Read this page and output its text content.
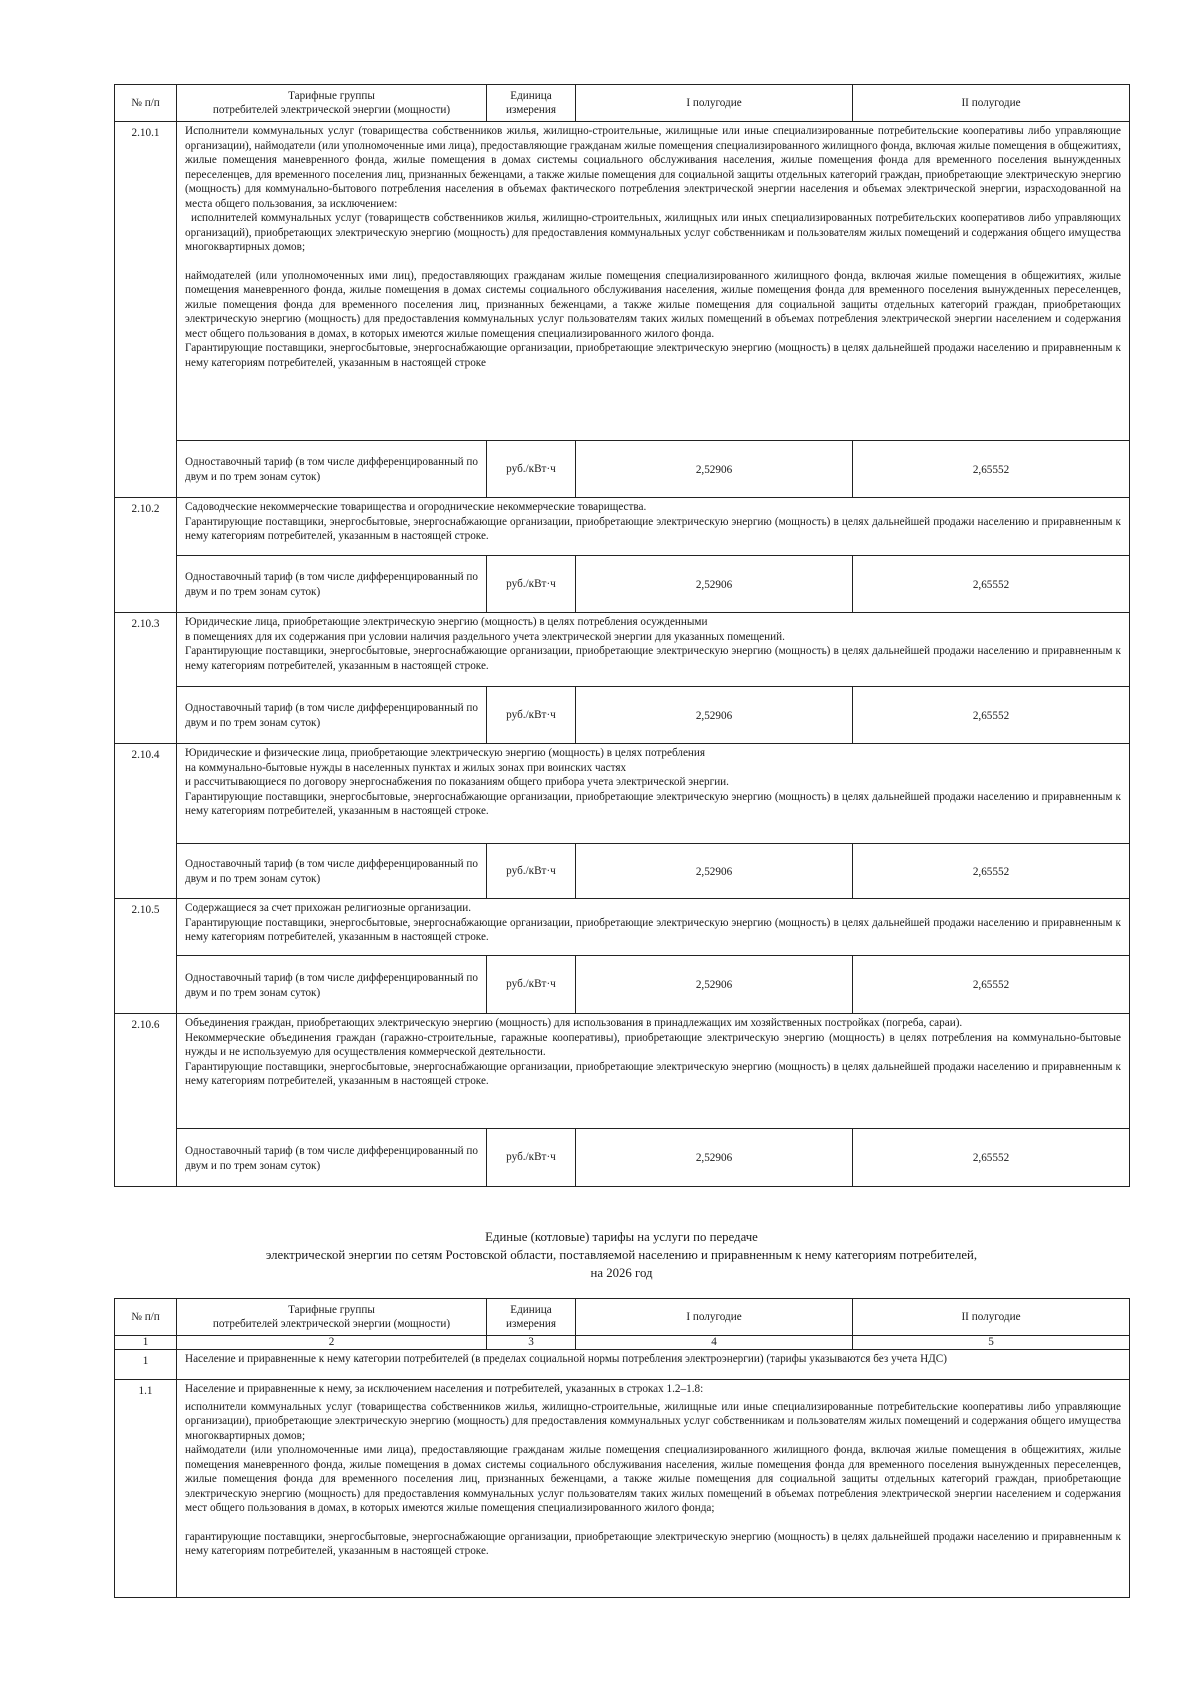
№ п/п	Тарифные группы
потребителей электрической энергии (мощности)	Единица
измерения	I полугодие	II полугодие
2.10.1	Исполнители коммунальных услуг (товарищества собственников жилья, жилищно-строительные, жилищные или иные специализированные потребительские кооперативы либо управляющие организации), наймодатели (или уполномоченные ими лица), предоставляющие гражданам жилые помещения специализированного жилищного фонда, включая жилые помещения в общежитиях, жилые помещения маневренного фонда, жилые помещения в домах системы социального обслуживания населения, жилые помещения фонда для временного поселения вынужденных переселенцев, для временного поселения лиц, признанных беженцами, а также жилые помещения для социальной защиты отдельных категорий граждан, приобретающие электрическую энергию (мощность) для коммунально-бытового потребления населения в объемах фактического потребления электрической энергии населения и объемах электрической энергии, израсходованной на места общего пользования, за исключением:
исполнителей коммунальных услуг (товариществ собственников жилья, жилищно-строительных, жилищных или иных специализированных потребительских кооперативов либо управляющих организаций), приобретающих электрическую энергию (мощность) для предоставления коммунальных услуг собственникам и пользователям жилых помещений и содержания общего имущества многоквартирных домов;
наймодателей (или уполномоченных ими лиц), предоставляющих гражданам жилые помещения специализированного жилищного фонда, включая жилые помещения в общежитиях, жилые помещения маневренного фонда, жилые помещения в домах системы социального обслуживания населения, жилые помещения фонда для временного поселения вынужденных переселенцев, жилые помещения фонда для временного поселения лиц, признанных беженцами, а также жилые помещения для социальной защиты отдельных категорий граждан, приобретающих электрическую энергию (мощность) для предоставления коммунальных услуг пользователям таких жилых помещений в объемах потребления электрической энергии населением и содержания мест общего пользования в домах, в которых имеются жилые помещения специализированного жилого фонда.
Гарантирующие поставщики, энергосбытовые, энергоснабжающие организации, приобретающие электрическую энергию (мощность) в целях дальнейшей продажи населению и приравненным к нему категориям потребителей, указанным в настоящей строке			

	Одноставочный тариф (в том числе дифференцированный по двум и по трем зонам суток)	руб./кВт·ч	2,52906	2,65552
2.10.2	Садоводческие некоммерческие товарищества и огороднические некоммерческие товарищества.
Гарантирующие поставщики, энергосбытовые, энергоснабжающие организации, приобретающие электрическую энергию (мощность) в целях дальнейшей продажи населению и приравненным к нему категориям потребителей, указанным в настоящей строке.			

	Одноставочный тариф (в том числе дифференцированный по двум и по трем зонам суток)	руб./кВт·ч	2,52906	2,65552
2.10.3	Юридические лица, приобретающие электрическую энергию (мощность) в целях потребления осужденными
в помещениях для их содержания при условии наличия раздельного учета электрической энергии для указанных помещений.
Гарантирующие поставщики, энергосбытовые, энергоснабжающие организации, приобретающие электрическую энергию (мощность) в целях дальнейшей продажи населению и приравненным к нему категориям потребителей, указанным в настоящей строке.			

	Одноставочный тариф (в том числе дифференцированный по двум и по трем зонам суток)	руб./кВт·ч	2,52906	2,65552
2.10.4	Юридические и физические лица, приобретающие электрическую энергию (мощность) в целях потребления
на коммунально-бытовые нужды в населенных пунктах и жилых зонах при воинских частях
и рассчитывающиеся по договору энергоснабжения по показаниям общего прибора учета электрической энергии.
Гарантирующие поставщики, энергосбытовые, энергоснабжающие организации, приобретающие электрическую энергию (мощность) в целях дальнейшей продажи населению и приравненным к нему категориям потребителей, указанным в настоящей строке.			

	Одноставочный тариф (в том числе дифференцированный по двум и по трем зонам суток)	руб./кВт·ч	2,52906	2,65552
2.10.5	Содержащиеся за счет прихожан религиозные организации.
Гарантирующие поставщики, энергосбытовые, энергоснабжающие организации, приобретающие электрическую энергию (мощность) в целях дальнейшей продажи населению и приравненным к нему категориям потребителей, указанным в настоящей строке.			

	Одноставочный тариф (в том числе дифференцированный по двум и по трем зонам суток)	руб./кВт·ч	2,52906	2,65552
2.10.6	Объединения граждан, приобретающих электрическую энергию (мощность) для использования в принадлежащих им хозяйственных постройках (погреба, сараи).
Некоммерческие объединения граждан (гаражно-строительные, гаражные кооперативы), приобретающие электрическую энергию (мощность) в целях потребления на коммунально-бытовые нужды и не используемую для осуществления коммерческой деятельности.
Гарантирующие поставщики, энергосбытовые, энергоснабжающие организации, приобретающие электрическую энергию (мощность) в целях дальнейшей продажи населению и приравненным к нему категориям потребителей, указанным в настоящей строке.			

	Одноставочный тариф (в том числе дифференцированный по двум и по трем зонам суток)	руб./кВт·ч	2,52906	2,65552
Единые (котловые) тарифы на услуги по передаче
электрической энергии по сетям Ростовской области, поставляемой населению и приравненным к нему категориям потребителей,
на 2026 год
№ п/п	Тарифные группы
потребителей электрической энергии (мощности)	Единица
измерения	I полугодие	II полугодие
1	2	3	4	5
1	Население и приравненные к нему категории потребителей (в пределах социальной нормы потребления электроэнергии) (тарифы указываются без учета НДС)			
1.1	Население и приравненные к нему, за исключением населения и потребителей, указанных в строках 1.2–1.8:
исполнители коммунальных услуг (товарищества собственников жилья, жилищно-строительные, жилищные или иные специализированные потребительские кооперативы либо управляющие организации), приобретающие электрическую энергию (мощность) для предоставления коммунальных услуг собственникам и пользователям жилых помещений и содержания общего имущества многоквартирных домов;
наймодатели (или уполномоченные ими лица), предоставляющие гражданам жилые помещения специализированного жилищного фонда, включая жилые помещения в общежитиях, жилые помещения маневренного фонда, жилые помещения в домах системы социального обслуживания населения, жилые помещения фонда для временного поселения вынужденных переселенцев, жилые помещения фонда для временного поселения лиц, признанных беженцами, а также жилые помещения для социальной защиты отдельных категорий граждан, приобретающие электрическую энергию (мощность) для предоставления коммунальных услуг пользователям таких жилых помещений в объемах потребления электрической энергии населением и содержания мест общего пользования в домах, в которых имеются жилые помещения специализированного жилого фонда;
гарантирующие поставщики, энергосбытовые, энергоснабжающие организации, приобретающие электрическую энергию (мощность) в целях дальнейшей продажи населению и приравненным к нему категориям потребителей, указанным в настоящей строке.			
